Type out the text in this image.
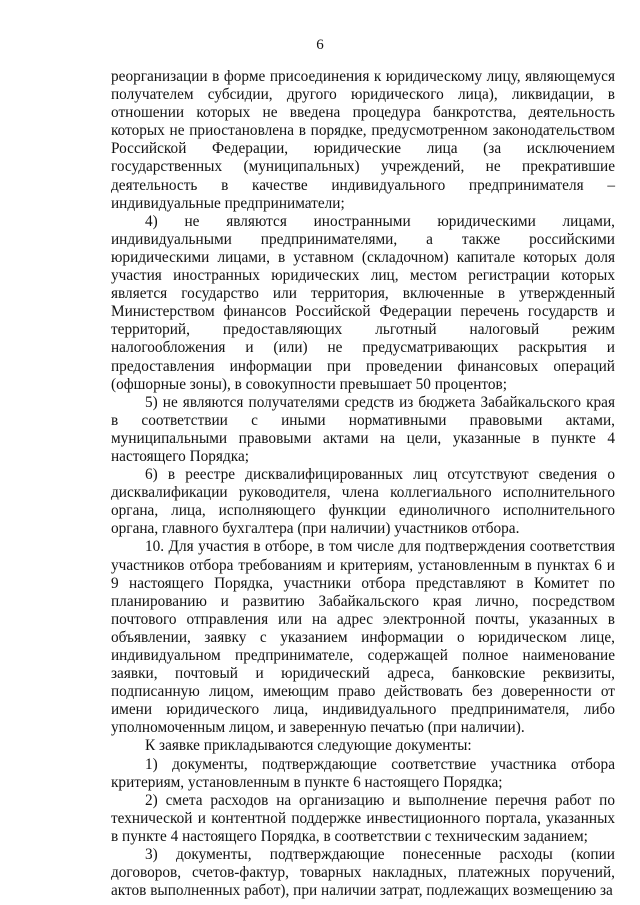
6

реорганизации в форме присоединения к юридическому лицу, являющемуся получателем субсидии, другого юридического лица), ликвидации, в отношении которых не введена процедура банкротства, деятельность которых не приостановлена в порядке, предусмотренном законодательством Российской Федерации, юридические лица (за исключением государственных (муниципальных) учреждений, не прекратившие деятельность в качестве индивидуального предпринимателя – индивидуальные предприниматели;

4) не являются иностранными юридическими лицами, индивидуальными предпринимателями, а также российскими юридическими лицами, в уставном (складочном) капитале которых доля участия иностранных юридических лиц, местом регистрации которых является государство или территория, включенные в утвержденный Министерством финансов Российской Федерации перечень государств и территорий, предоставляющих льготный налоговый режим налогообложения и (или) не предусматривающих раскрытия и предоставления информации при проведении финансовых операций (офшорные зоны), в совокупности превышает 50 процентов;

5) не являются получателями средств из бюджета Забайкальского края в соответствии с иными нормативными правовыми актами, муниципальными правовыми актами на цели, указанные в пункте 4 настоящего Порядка;

6) в реестре дисквалифицированных лиц отсутствуют сведения о дисквалификации руководителя, члена коллегиального исполнительного органа, лица, исполняющего функции единоличного исполнительного органа, главного бухгалтера (при наличии) участников отбора.

10. Для участия в отборе, в том числе для подтверждения соответствия участников отбора требованиям и критериям, установленным в пунктах 6 и 9 настоящего Порядка, участники отбора представляют в Комитет по планированию и развитию Забайкальского края лично, посредством почтового отправления или на адрес электронной почты, указанных в объявлении, заявку с указанием информации о юридическом лице, индивидуальном предпринимателе, содержащей полное наименование заявки, почтовый и юридический адреса, банковские реквизиты, подписанную лицом, имеющим право действовать без доверенности от имени юридического лица, индивидуального предпринимателя, либо уполномоченным лицом, и заверенную печатью (при наличии).

К заявке прикладываются следующие документы:

1) документы, подтверждающие соответствие участника отбора критериям, установленным в пункте 6 настоящего Порядка;

2) смета расходов на организацию и выполнение перечня работ по технической и контентной поддержке инвестиционного портала, указанных в пункте 4 настоящего Порядка, в соответствии с техническим заданием;

3) документы, подтверждающие понесенные расходы (копии договоров, счетов-фактур, товарных накладных, платежных поручений, актов выполненных работ), при наличии затрат, подлежащих возмещению за
